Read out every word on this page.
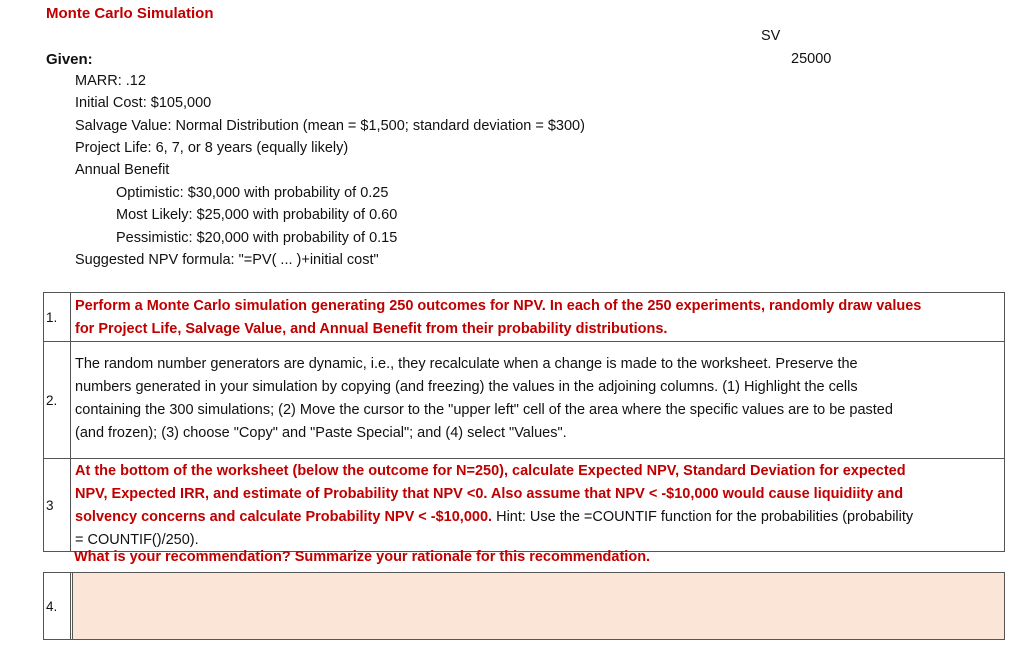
Monte Carlo Simulation
Given:
SV
25000
MARR: .12
Initial Cost: $105,000
Salvage Value: Normal Distribution (mean = $1,500; standard deviation = $300)
Project Life: 6, 7, or 8 years (equally likely)
Annual Benefit
Optimistic: $30,000 with probability of 0.25
Most Likely: $25,000 with probability of 0.60
Pessimistic: $20,000 with probability of 0.15
Suggested NPV formula: "=PV( ... )+initial cost"
1.
Perform a Monte Carlo simulation generating 250 outcomes for NPV. In each of the 250 experiments, randomly draw values
for Project Life, Salvage Value, and Annual Benefit from their probability distributions.
2.
The random number generators are dynamic, i.e., they recalculate when a change is made to the worksheet. Preserve the
numbers generated in your simulation by copying (and freezing) the values in the adjoining columns. (1) Highlight the cells
containing the 300 simulations; (2) Move the cursor to the "upper left" cell of the area where the specific values are to be pasted
(and frozen); (3) choose "Copy" and "Paste Special"; and (4) select "Values".
3
At the bottom of the worksheet (below the outcome for N=250), calculate Expected NPV, Standard Deviation for expected
NPV, Expected IRR, and estimate of Probability that NPV <0. Also assume that NPV < -$10,000 would cause liquidiity and
solvency concerns and calculate Probability NPV < -$10,000. Hint: Use the =COUNTIF function for the probabilities (probability
= COUNTIF()/250).
What is your recommendation? Summarize your rationale for this recommendation.
4.
